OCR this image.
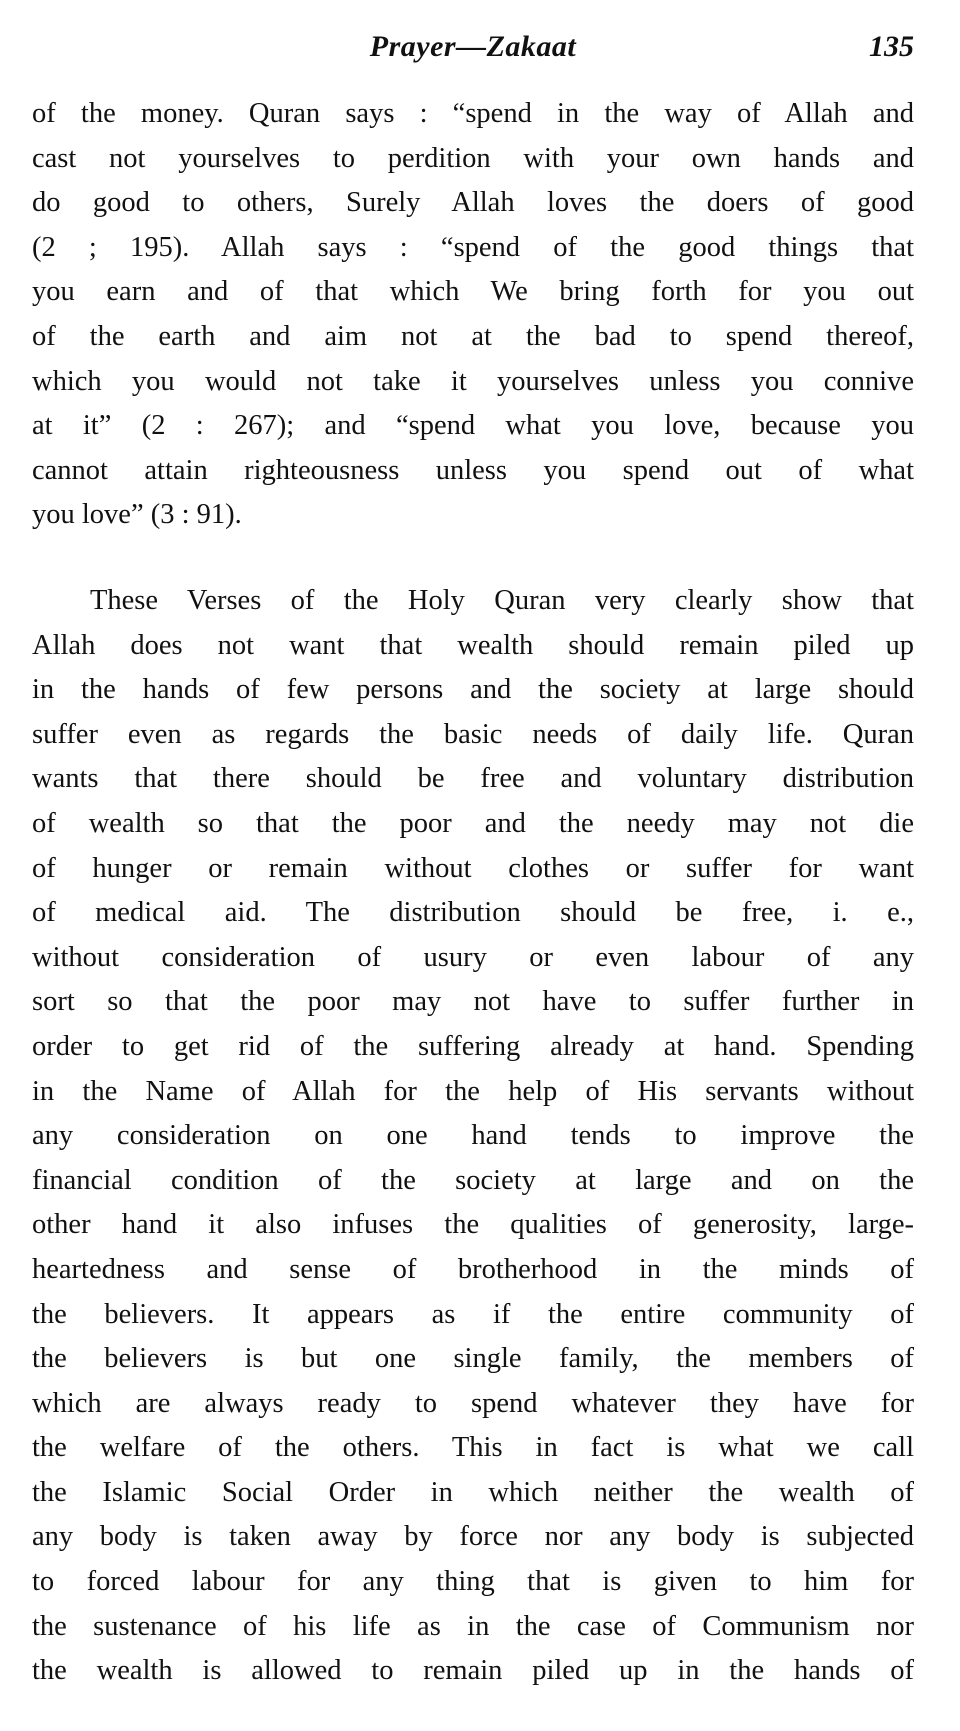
Prayer—Zakaat	135
of the money. Quran says : “spend in the way of Allah and
cast not yourselves to perdition with your own hands and
do good to others, Surely Allah loves the doers of good
(2 ; 195). Allah says : “spend of the good things that
you earn and of that which We bring forth for you out
of the earth and aim not at the bad to spend thereof,
which you would not take it yourselves unless you connive
at it” (2 : 267); and “spend what you love, because you
cannot attain righteousness unless you spend out of what
you love” (3 : 91).
These Verses of the Holy Quran very clearly show that
Allah does not want that wealth should remain piled up
in the hands of few persons and the society at large should
suffer even as regards the basic needs of daily life. Quran
wants that there should be free and voluntary distribution
of wealth so that the poor and the needy may not die
of hunger or remain without clothes or suffer for want
of medical aid. The distribution should be free, i. e.,
without consideration of usury or even labour of any
sort so that the poor may not have to suffer further in
order to get rid of the suffering already at hand. Spending
in the Name of Allah for the help of His servants without
any consideration on one hand tends to improve the
financial condition of the society at large and on the
other hand it also infuses the qualities of generosity, large-
heartedness and sense of brotherhood in the minds of
the believers. It appears as if the entire community of
the believers is but one single family, the members of
which are always ready to spend whatever they have for
the welfare of the others. This in fact is what we call
the Islamic Social Order in which neither the wealth of
any body is taken away by force nor any body is subjected
to forced labour for any thing that is given to him for
the sustenance of his life as in the case of Communism nor
the wealth is allowed to remain piled up in the hands of
